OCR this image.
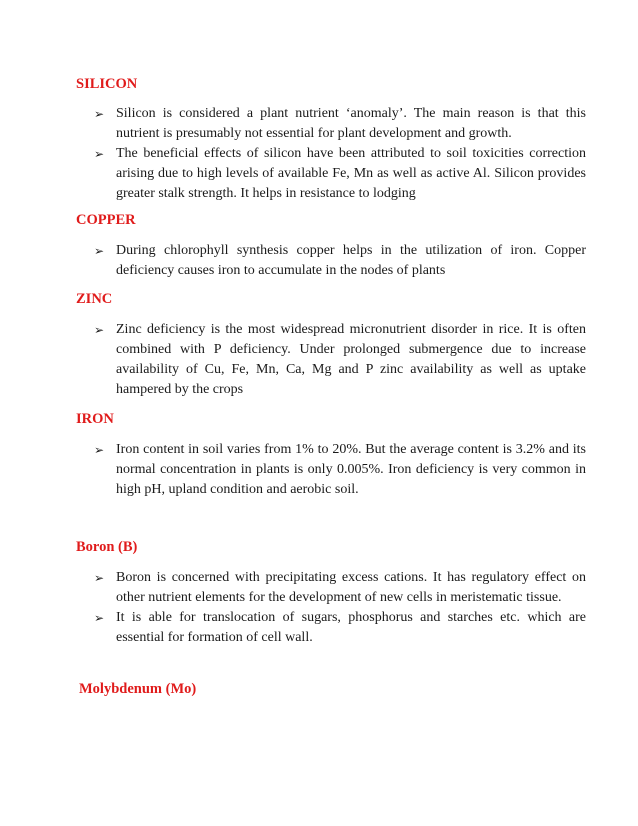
SILICON
➢ Silicon is considered a plant nutrient ‘anomaly’. The main reason is that this nutrient is presumably not essential for plant development and growth.
➢ The beneficial effects of silicon have been attributed to soil toxicities correction arising due to high levels of available Fe, Mn as well as active Al. Silicon provides greater stalk strength. It helps in resistance to lodging
COPPER
➢ During chlorophyll synthesis copper helps in the utilization of iron. Copper deficiency causes iron to accumulate in the nodes of plants
ZINC
➢ Zinc deficiency is the most widespread micronutrient disorder in rice. It is often combined with P deficiency. Under prolonged submergence due to increase availability of Cu, Fe, Mn, Ca, Mg and P zinc availability as well as uptake hampered by the crops
IRON
➢ Iron content in soil varies from 1% to 20%. But the average content is 3.2% and its normal concentration in plants is only 0.005%. Iron deficiency is very common in high pH, upland condition and aerobic soil.
Boron (B)
➢ Boron is concerned with precipitating excess cations. It has regulatory effect on other nutrient elements for the development of new cells in meristematic tissue.
➢ It is able for translocation of sugars, phosphorus and starches etc. which are essential for formation of cell wall.
Molybdenum (Mo)
